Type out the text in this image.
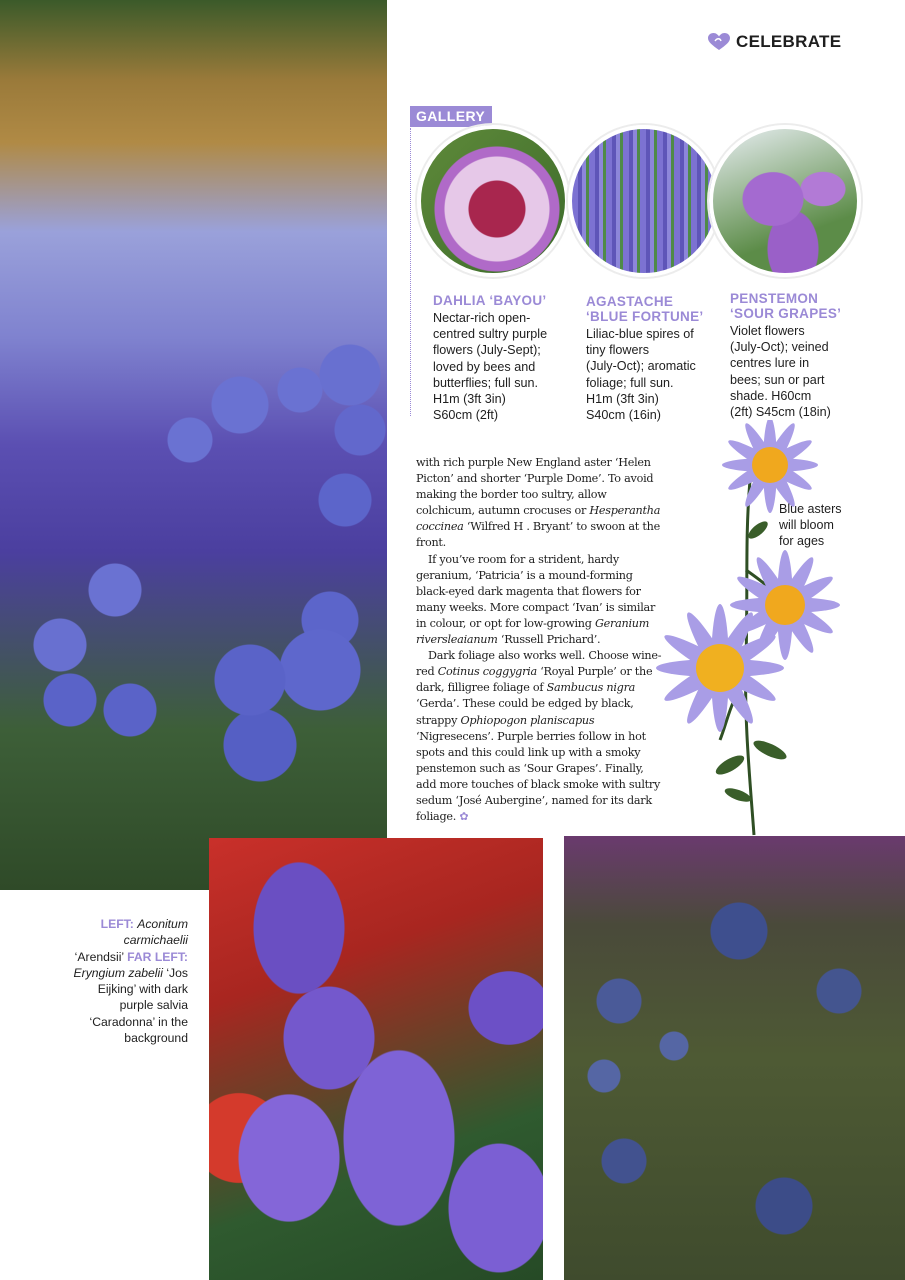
CELEBRATE
GALLERY
DAHLIA ‘BAYOU’
Nectar-rich open-
centred sultry purple
flowers (July-Sept);
loved by bees and
butterflies; full sun.
H1m (3ft 3in)
S60cm (2ft)
AGASTACHE
‘BLUE FORTUNE’
Liliac-blue spires of
tiny flowers
(July-Oct); aromatic
foliage; full sun.
H1m (3ft 3in)
S40cm (16in)
PENSTEMON
‘SOUR GRAPES’
Violet flowers
(July-Oct); veined
centres lure in
bees; sun or part
shade. H60cm
(2ft) S45cm (18in)
Blue asters
will bloom
for ages

with rich purple New England aster ‘Helen Picton’ and shorter ‘Purple Dome’. To avoid making the border too sultry, allow colchicum, autumn crocuses or Hesperantha coccinea ‘Wilfred H . Bryant’ to swoon at the front.

If you’ve room for a strident, hardy geranium, ‘Patricia’ is a mound-forming black-eyed dark magenta that flowers for many weeks. More compact ‘Ivan’ is similar in colour, or opt for low-growing Geranium riversleaianum ‘Russell Prichard’.

Dark foliage also works well. Choose wine-red Cotinus coggygria ‘Royal Purple’ or the dark, filligree foliage of Sambucus nigra ‘Gerda’. These could be edged by black, strappy Ophiopogon planiscapus ‘Nigresecens’. Purple berries follow in hot spots and this could link up with a smoky penstemon such as ‘Sour Grapes’. Finally, add more touches of black smoke with sultry sedum ‘José Aubergine’, named for its dark foliage. ✿

LEFT: Aconitum
carmichaelii
‘Arendsii’ FAR LEFT:
Eryngium zabelii ‘Jos
Eijking’ with dark
purple salvia
‘Caradonna’ in the
background
